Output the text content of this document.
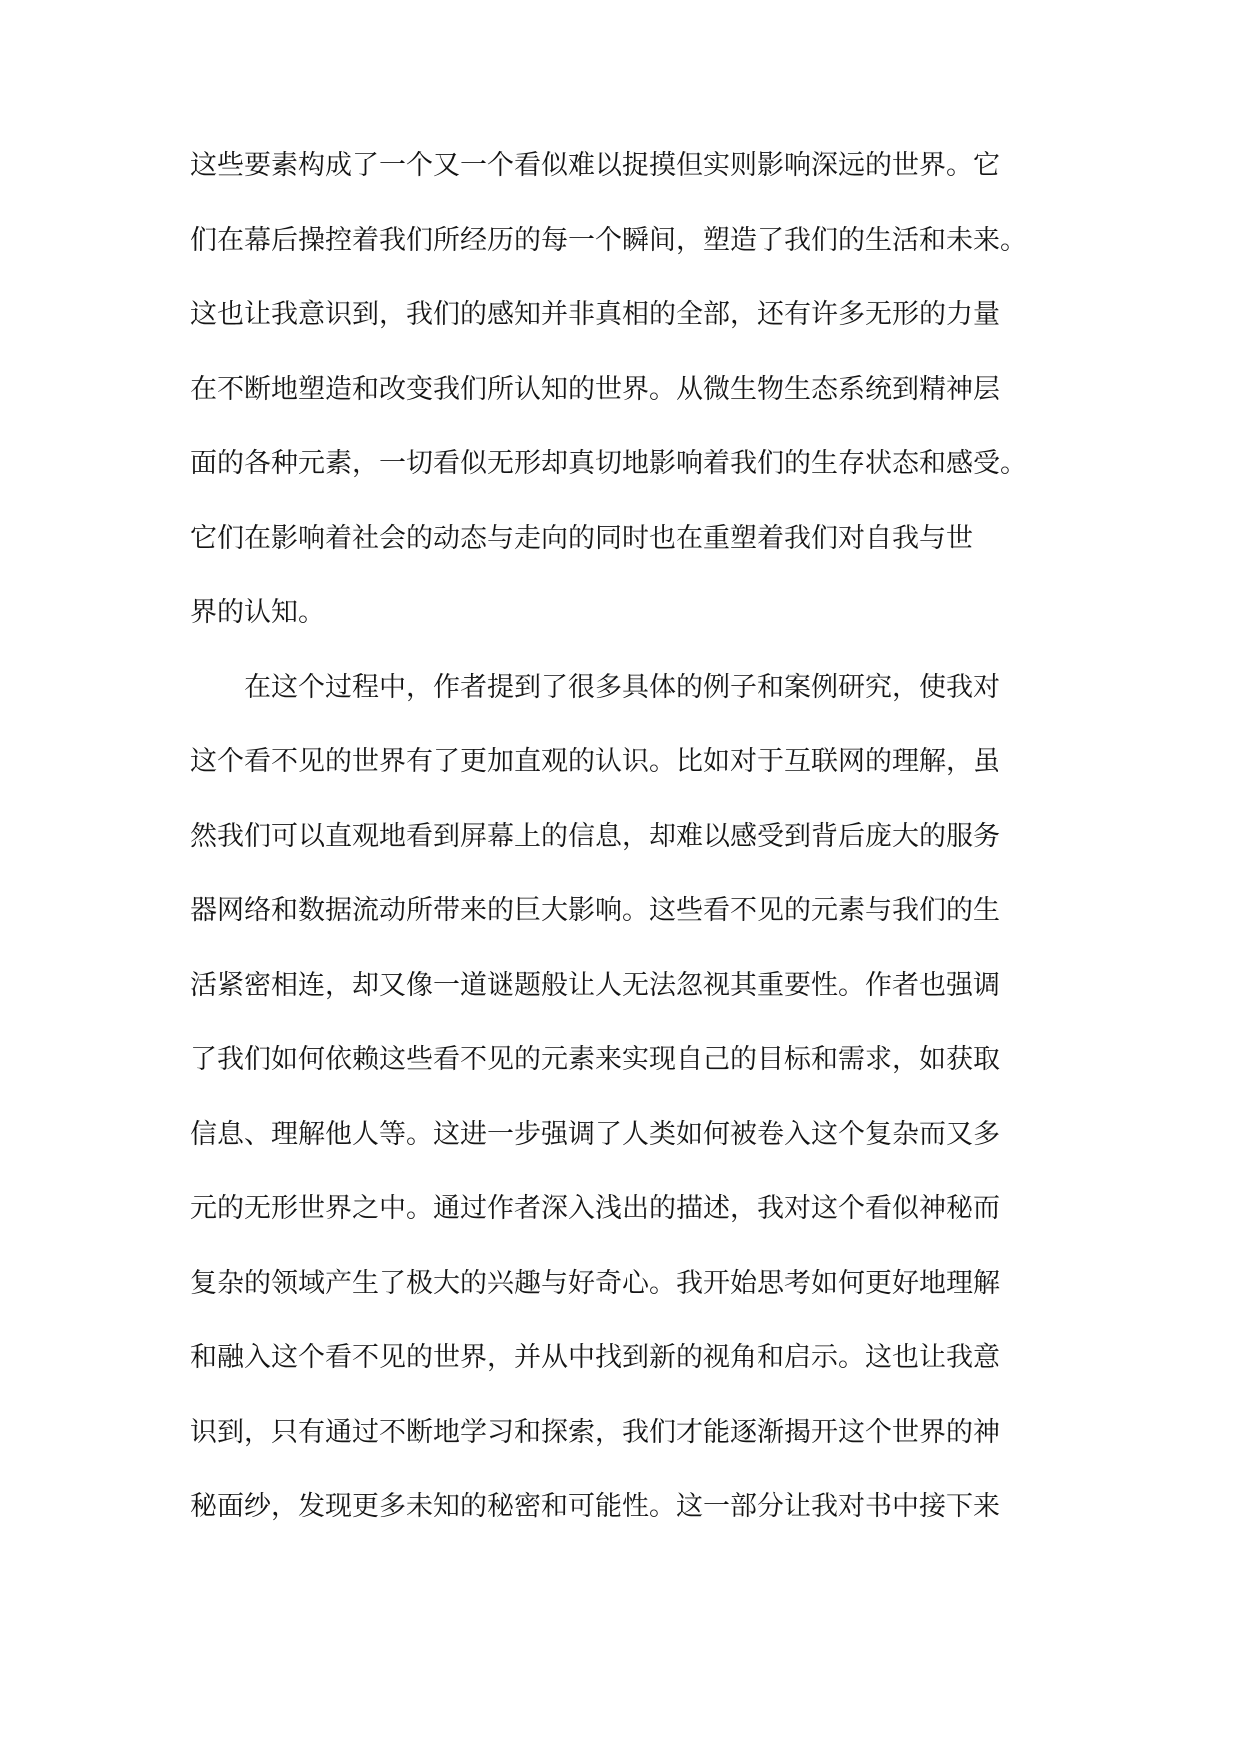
这些要素构成了一个又一个看似难以捉摸但实则影响深远的世界。它
们在幕后操控着我们所经历的每一个瞬间，塑造了我们的生活和未来。
这也让我意识到，我们的感知并非真相的全部，还有许多无形的力量
在不断地塑造和改变我们所认知的世界。从微生物生态系统到精神层
面的各种元素，一切看似无形却真切地影响着我们的生存状态和感受。
它们在影响着社会的动态与走向的同时也在重塑着我们对自我与世
界的认知。
在这个过程中，作者提到了很多具体的例子和案例研究，使我对
这个看不见的世界有了更加直观的认识。比如对于互联网的理解，虽
然我们可以直观地看到屏幕上的信息，却难以感受到背后庞大的服务
器网络和数据流动所带来的巨大影响。这些看不见的元素与我们的生
活紧密相连，却又像一道谜题般让人无法忽视其重要性。作者也强调
了我们如何依赖这些看不见的元素来实现自己的目标和需求，如获取
信息、理解他人等。这进一步强调了人类如何被卷入这个复杂而又多
元的无形世界之中。通过作者深入浅出的描述，我对这个看似神秘而
复杂的领域产生了极大的兴趣与好奇心。我开始思考如何更好地理解
和融入这个看不见的世界，并从中找到新的视角和启示。这也让我意
识到，只有通过不断地学习和探索，我们才能逐渐揭开这个世界的神
秘面纱，发现更多未知的秘密和可能性。这一部分让我对书中接下来
